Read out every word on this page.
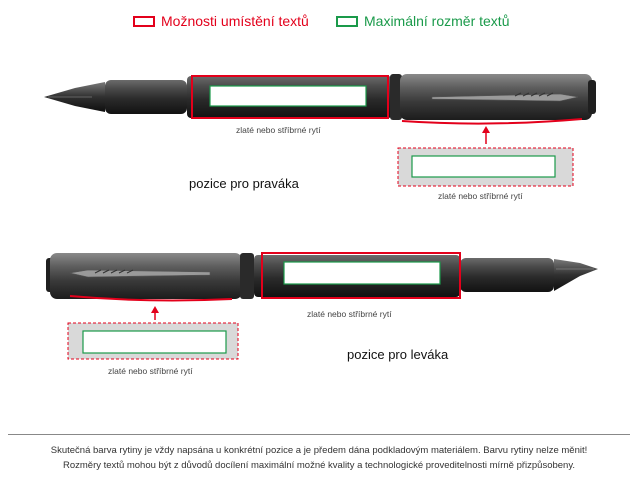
Možnosti umístění textů	Maximální rozměr textů
zlaté nebo stříbrné rytí
pozice pro praváka
zlaté nebo stříbrné rytí
zlaté nebo stříbrné rytí
pozice pro leváka
zlaté nebo stříbrné rytí
Skutečná barva rytiny je vždy napsána u konkrétní pozice a je předem dána podkladovým materiálem. Barvu rytiny nelze měnit!
Rozměry textů mohou být z důvodů docílení maximální možné kvality a technologické proveditelnosti mírně přizpůsobeny.
